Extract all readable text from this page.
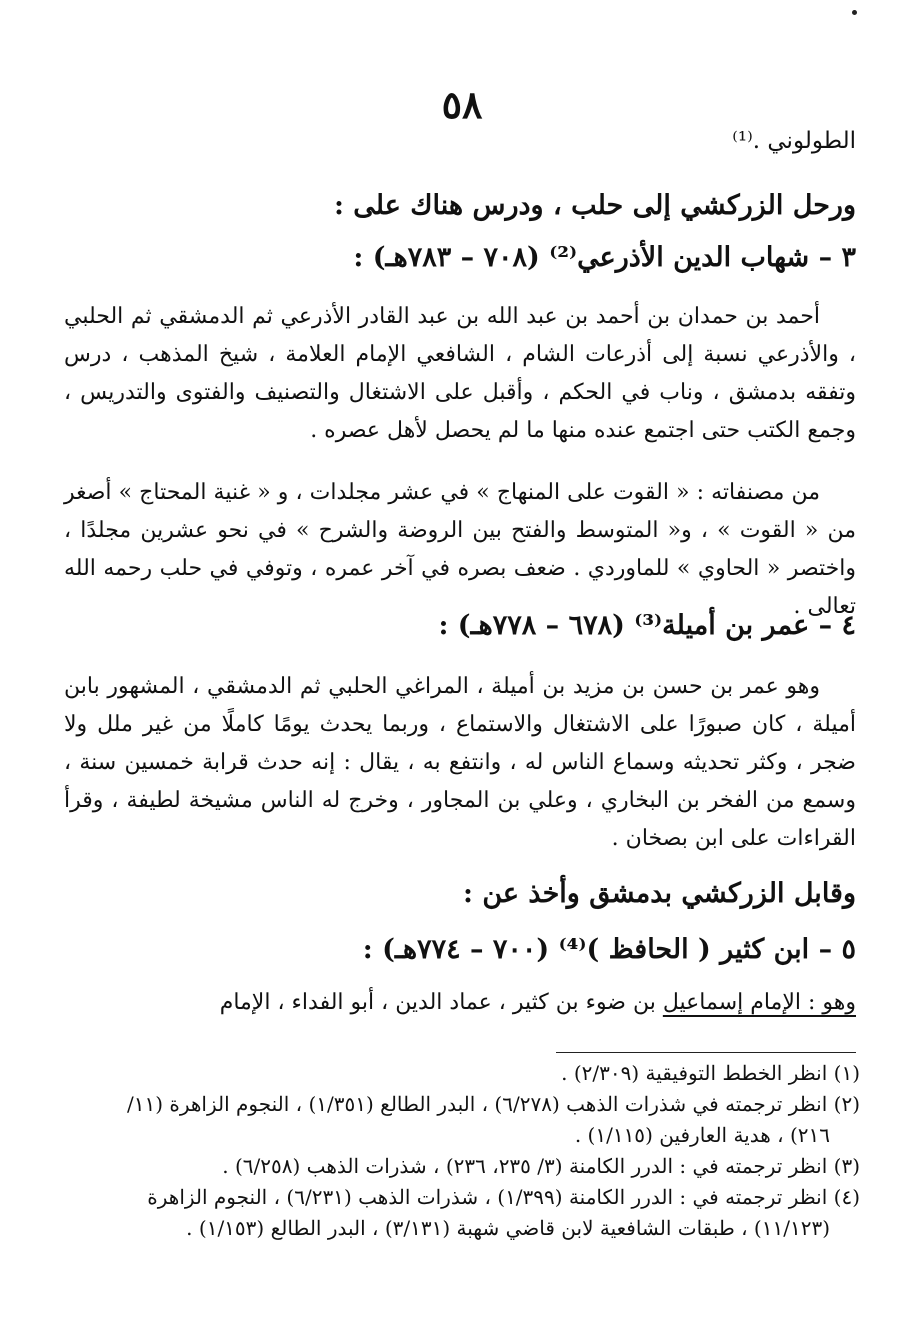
٥٨
الطولوني .⁽¹⁾
ورحل الزركشي إلى حلب ، ودرس هناك على :
٣ – شهاب الدين الأذرعي⁽²⁾ (٧٠٨ – ٧٨٣هـ) :
أحمد بن حمدان بن أحمد بن عبد الله بن عبد القادر الأذرعي ثم الدمشقي ثم الحلبي ، والأذرعي نسبة إلى أذرعات الشام ، الشافعي الإمام العلامة ، شيخ المذهب ، درس وتفقه بدمشق ، وناب في الحكم ، وأقبل على الاشتغال والتصنيف والفتوى والتدريس ، وجمع الكتب حتى اجتمع عنده منها ما لم يحصل لأهل عصره .
من مصنفاته : « القوت على المنهاج » في عشر مجلدات ، و « غنية المحتاج » أصغر من « القوت » ، و« المتوسط والفتح بين الروضة والشرح » في نحو عشرين مجلدًا ، واختصر « الحاوي » للماوردي . ضعف بصره في آخر عمره ، وتوفي في حلب رحمه الله تعالى .
٤ – عمر بن أميلة⁽³⁾ (٦٧٨ – ٧٧٨هـ) :
وهو عمر بن حسن بن مزيد بن أميلة ، المراغي الحلبي ثم الدمشقي ، المشهور بابن أميلة ، كان صبورًا على الاشتغال والاستماع ، وربما يحدث يومًا كاملًا من غير ملل ولا ضجر ، وكثر تحديثه وسماع الناس له ، وانتفع به ، يقال : إنه حدث قرابة خمسين سنة ، وسمع من الفخر بن البخاري ، وعلي بن المجاور ، وخرج له الناس مشيخة لطيفة ، وقرأ القراءات على ابن بصخان .
وقابل الزركشي بدمشق وأخذ عن :
٥ – ابن كثير ( الحافظ )⁽⁴⁾ (٧٠٠ – ٧٧٤هـ) :
وهو : الإمام إسماعيل بن ضوء بن كثير ، عماد الدين ، أبو الفداء ، الإمام

(١) انظر الخطط التوفيقية (٢/٣٠٩) .

(٢) انظر ترجمته في شذرات الذهب (٦/٢٧٨) ، البدر الطالع (١/٣٥١) ، النجوم الزاهرة (١١/

٢١٦) ، هدية العارفين (١/١١٥) .

(٣) انظر ترجمته في : الدرر الكامنة (٣/ ٢٣٥، ٢٣٦) ، شذرات الذهب (٦/٢٥٨) .

(٤) انظر ترجمته في : الدرر الكامنة (١/٣٩٩) ، شذرات الذهب (٦/٢٣١) ، النجوم الزاهرة

(١١/١٢٣) ، طبقات الشافعية لابن قاضي شهبة (٣/١٣١) ، البدر الطالع (١/١٥٣) .
